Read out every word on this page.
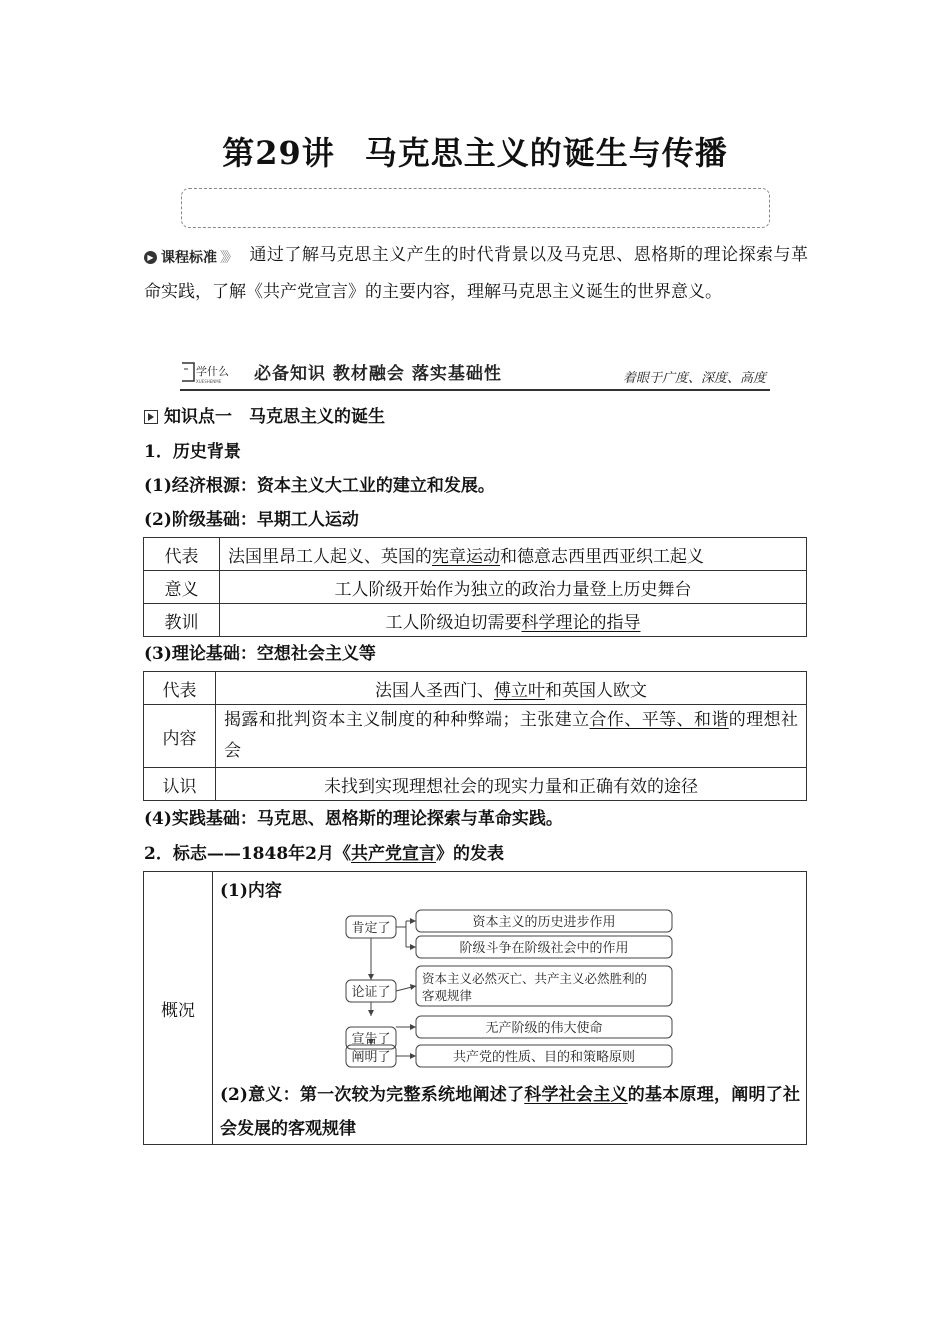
第29讲 马克思主义的诞生与传播
▶ 课程标准 》》 通过了解马克思主义产生的时代背景以及马克思、恩格斯的理论探索与革命实践，了解《共产党宣言》的主要内容，理解马克思主义诞生的世界意义。
学什么
XUESHENME 必备知识 教材融会 落实基础性	着眼于广度、深度、高度
知识点一　马克思主义的诞生
1．历史背景
(1)经济根源：资本主义大工业的建立和发展。
(2)阶级基础：早期工人运动
代表	法国里昂工人起义、英国的宪章运动和德意志西里西亚织工起义
意义	工人阶级开始作为独立的政治力量登上历史舞台
教训	工人阶级迫切需要科学理论的指导
(3)理论基础：空想社会主义等
代表	法国人圣西门、傅立叶和英国人欧文
内容	揭露和批判资本主义制度的种种弊端；主张建立合作、平等、和谐的理想社会
认识	未找到实现理想社会的现实力量和正确有效的途径
(4)实践基础：马克思、恩格斯的理论探索与革命实践。
2．标志——1848年2月《共产党宣言》的发表
概况
(1)内容
肯定了
论证了
宣告了
阐明了
资本主义的历史进步作用
阶级斗争在阶级社会中的作用
资本主义必然灭亡、共产主义必然胜利的
客观规律
无产阶级的伟大使命
共产党的性质、目的和策略原则
(2)意义：第一次较为完整系统地阐述了科学社会主义的基本原理，阐明了社会发展的客观规律
